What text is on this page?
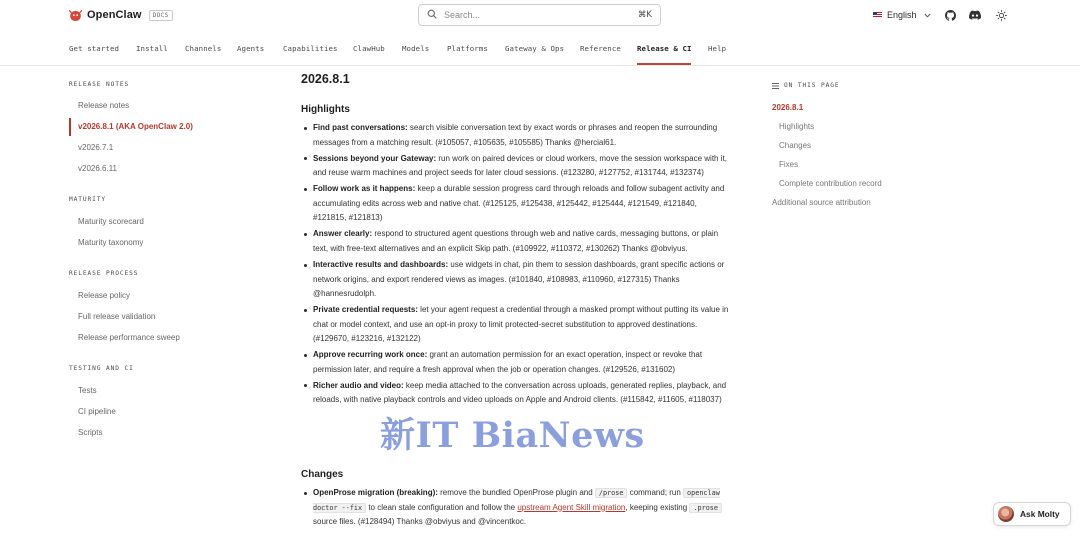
OpenClaw	DOCS	Search...	⌘K	English
Get started Install Channels Agents	Capabilities ClawHub Models Platforms Gateway & Ops Reference Release & CI Help
RELEASE NOTES
Release notes
v2026.8.1 (AKA OpenClaw 2.0)
v2026.7.1
v2026.6.11
MATURITY
Maturity scorecard
Maturity taxonomy
RELEASE PROCESS
Release policy
Full release validation
Release performance sweep
TESTING AND CI
Tests
CI pipeline
Scripts
2026.8.1
Highlights
Find past conversations: search visible conversation text by exact words or phrases and reopen the surrounding messages from a matching result. (#105057, #105635, #105585) Thanks @hercial61.
Sessions beyond your Gateway: run work on paired devices or cloud workers, move the session workspace with it, and reuse warm machines and project seeds for later cloud sessions. (#123280, #127752, #131744, #132374)
Follow work as it happens: keep a durable session progress card through reloads and follow subagent activity and accumulating edits across web and native chat. (#125125, #125438, #125442, #125444, #121549, #121840, #121815, #121813)
Answer clearly: respond to structured agent questions through web and native cards, messaging buttons, or plain text, with free-text alternatives and an explicit Skip path. (#109922, #110372, #130262) Thanks @obviyus.
Interactive results and dashboards: use widgets in chat, pin them to session dashboards, grant specific actions or network origins, and export rendered views as images. (#101840, #108983, #110960, #127315) Thanks @hannesrudolph.
Private credential requests: let your agent request a credential through a masked prompt without putting its value in chat or model context, and use an opt-in proxy to limit protected-secret substitution to approved destinations. (#129670, #123216, #132122)
Approve recurring work once: grant an automation permission for an exact operation, inspect or revoke that permission later, and require a fresh approval when the job or operation changes. (#129526, #131602)
Richer audio and video: keep media attached to the conversation across uploads, generated replies, playback, and reloads, with native playback controls and video uploads on Apple and Android clients. (#115842, #11605, #118037)
Changes
OpenProse migration (breaking): remove the bundled OpenProse plugin and /prose command; run openclaw doctor --fix to clean stale configuration and follow the upstream Agent Skill migration, keeping existing .prose source files. (#128494) Thanks @obviyus and @vincentkoc.
ON THIS PAGE
2026.8.1
Highlights
Changes
Fixes
Complete contribution record
Additional source attribution
新IT BiaNews
Ask Molty
